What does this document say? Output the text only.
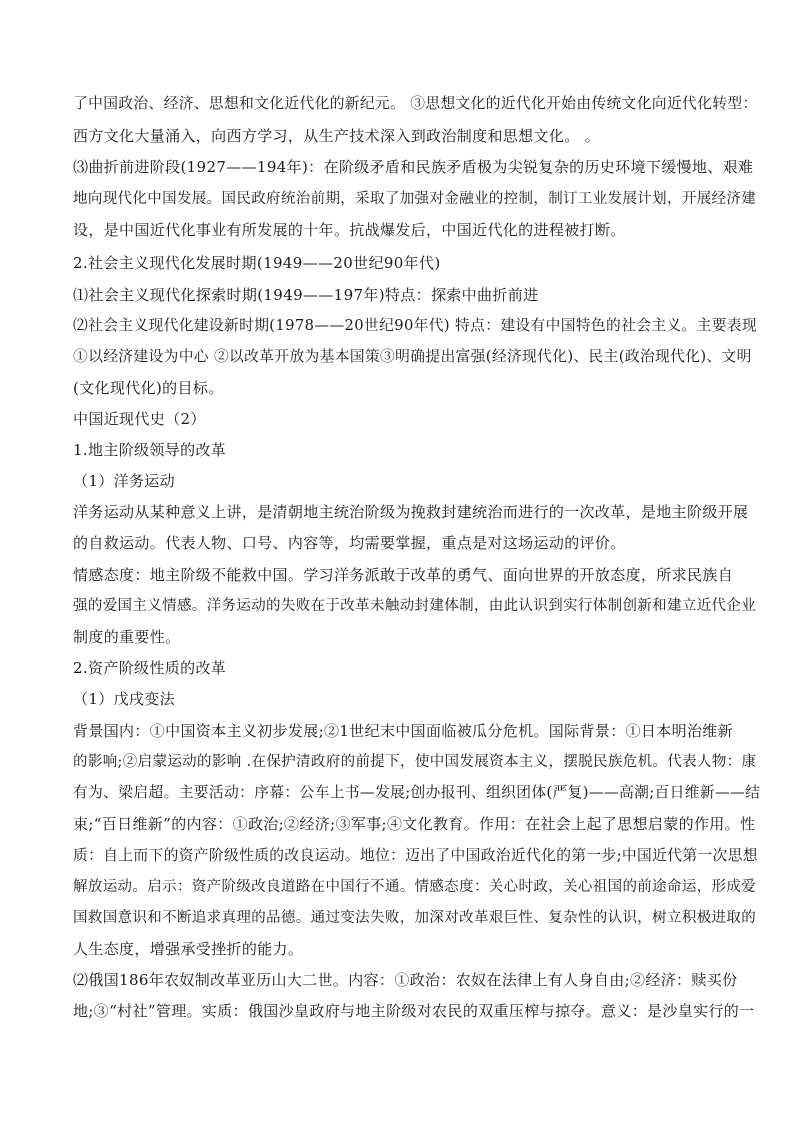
了中国政治、经济、思想和文化近代化的新纪元。 ③思想文化的近代化开始由传统文化向近代化转型：
西方文化大量涌入，向西方学习，从生产技术深入到政治制度和思想文化。 。
⑶曲折前进阶段(1927——194年)：在阶级矛盾和民族矛盾极为尖锐复杂的历史环境下缓慢地、艰难
地向现代化中国发展。国民政府统治前期，采取了加强对金融业的控制，制订工业发展计划，开展经济建
设，是中国近代化事业有所发展的十年。抗战爆发后，中国近代化的进程被打断。
2.社会主义现代化发展时期(1949——20世纪90年代)
⑴社会主义现代化探索时期(1949——197年)特点：探索中曲折前进
⑵社会主义现代化建设新时期(1978——20世纪90年代) 特点：建设有中国特色的社会主义。主要表现
①以经济建设为中心 ②以改革开放为基本国策③明确提出富强(经济现代化)、民主(政治现代化)、文明
(文化现代化)的目标。
中国近现代史（2）
1.地主阶级领导的改革
（1）洋务运动
洋务运动从某种意义上讲，是清朝地主统治阶级为挽救封建统治而进行的一次改革，是地主阶级开展
的自救运动。代表人物、口号、内容等，均需要掌握，重点是对这场运动的评价。
情感态度：地主阶级不能救中国。学习洋务派敢于改革的勇气、面向世界的开放态度，所求民族自
强的爱国主义情感。洋务运动的失败在于改革未触动封建体制，由此认识到实行体制创新和建立近代企业
制度的重要性。
2.资产阶级性质的改革
（1）戊戌变法
背景国内：①中国资本主义初步发展;②1世纪末中国面临被瓜分危机。国际背景：①日本明治维新
的影响;②启蒙运动的影响 .在保护清政府的前提下，使中国发展资本主义，摆脱民族危机。代表人物：康
有为、梁启超。主要活动：序幕：公车上书—发展;创办报刊、组织团体(严复)——高潮;百日维新——结
束;“百日维新”的内容：①政治;②经济;③军事;④文化教育。作用：在社会上起了思想启蒙的作用。性
质：自上而下的资产阶级性质的改良运动。地位：迈出了中国政治近代化的第一步;中国近代第一次思想
解放运动。启示：资产阶级改良道路在中国行不通。情感态度：关心时政，关心祖国的前途命运，形成爱
国救国意识和不断追求真理的品德。通过变法失败，加深对改革艰巨性、复杂性的认识，树立积极进取的
人生态度，增强承受挫折的能力。
⑵俄国186年农奴制改革亚历山大二世。内容：①政治：农奴在法律上有人身自由;②经济：赎买份
地;③“村社”管理。实质：俄国沙皇政府与地主阶级对农民的双重压榨与掠夺。意义：是沙皇实行的一
